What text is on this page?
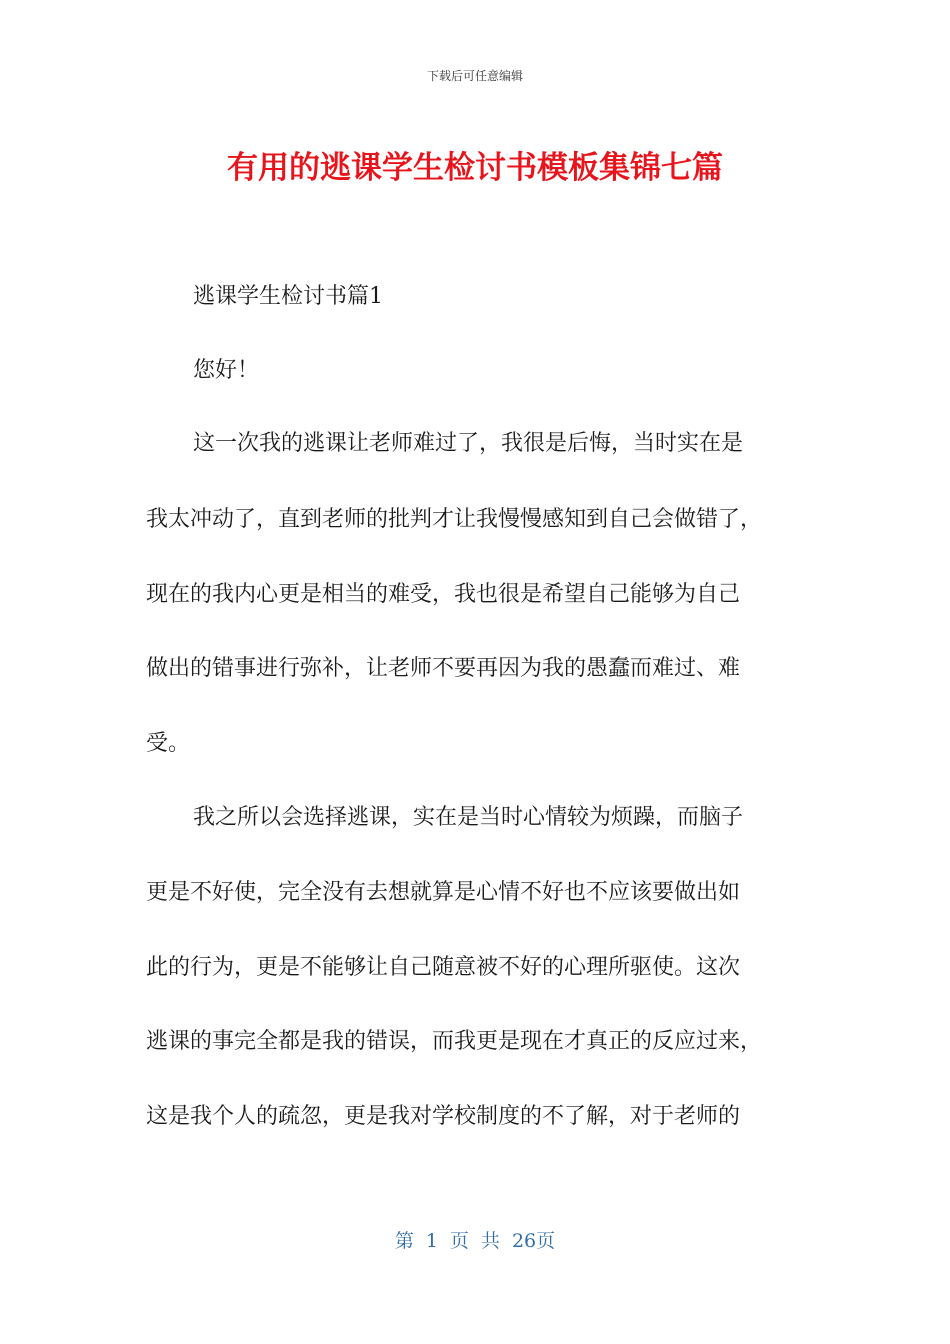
下载后可任意编辑
有用的逃课学生检讨书模板集锦七篇
逃课学生检讨书篇1
您好！
这一次我的逃课让老师难过了，我很是后悔，当时实在是
我太冲动了，直到老师的批判才让我慢慢感知到自己会做错了，
现在的我内心更是相当的难受，我也很是希望自己能够为自己
做出的错事进行弥补，让老师不要再因为我的愚蠢而难过、难
受。
我之所以会选择逃课，实在是当时心情较为烦躁，而脑子
更是不好使，完全没有去想就算是心情不好也不应该要做出如
此的行为，更是不能够让自己随意被不好的心理所驱使。这次
逃课的事完全都是我的错误，而我更是现在才真正的反应过来，
这是我个人的疏忽，更是我对学校制度的不了解，对于老师的
第 1 页 共 26页
